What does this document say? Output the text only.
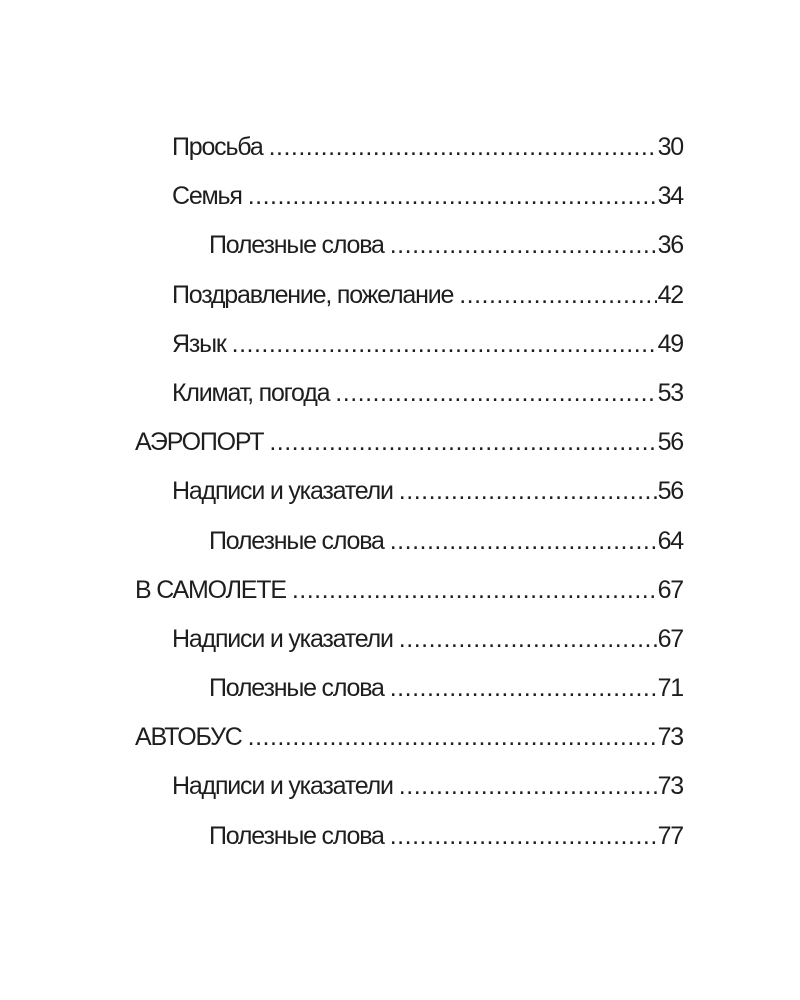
Просьба .....	30
Семья .....	34
Полезные слова .....	36
Поздравление, пожелание .....	42
Язык .....	49
Климат, погода .....	53
АЭРОПОРТ .....	56
Надписи и указатели .....	56
Полезные слова .....	64
В САМОЛЕТЕ .....	67
Надписи и указатели .....	67
Полезные слова .....	71
АВТОБУС .....	73
Надписи и указатели .....	73
Полезные слова .....	77
